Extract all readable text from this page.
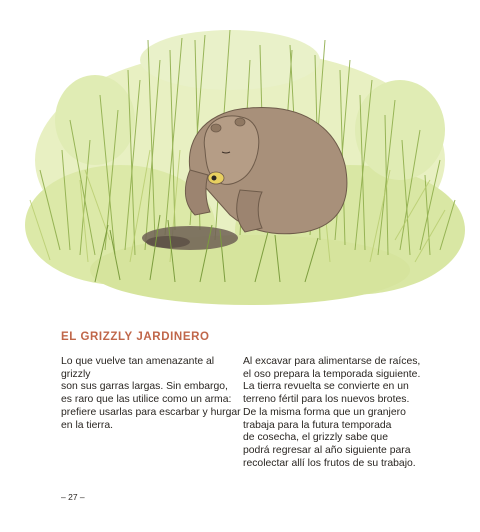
EL GRIZZLY JARDINERO

Lo que vuelve tan amenazante al grizzly

son sus garras largas. Sin embargo,

es raro que las utilice como un arma:

prefiere usarlas para escarbar y hurgar

en la tierra.

Al excavar para alimentarse de raíces,

el oso prepara la temporada siguiente.

La tierra revuelta se convierte en un

terreno fértil para los nuevos brotes.

De la misma forma que un granjero

trabaja para la futura temporada

de cosecha, el grizzly sabe que

podrá regresar al año siguiente para

recolectar allí los frutos de su trabajo.

– 27 –
